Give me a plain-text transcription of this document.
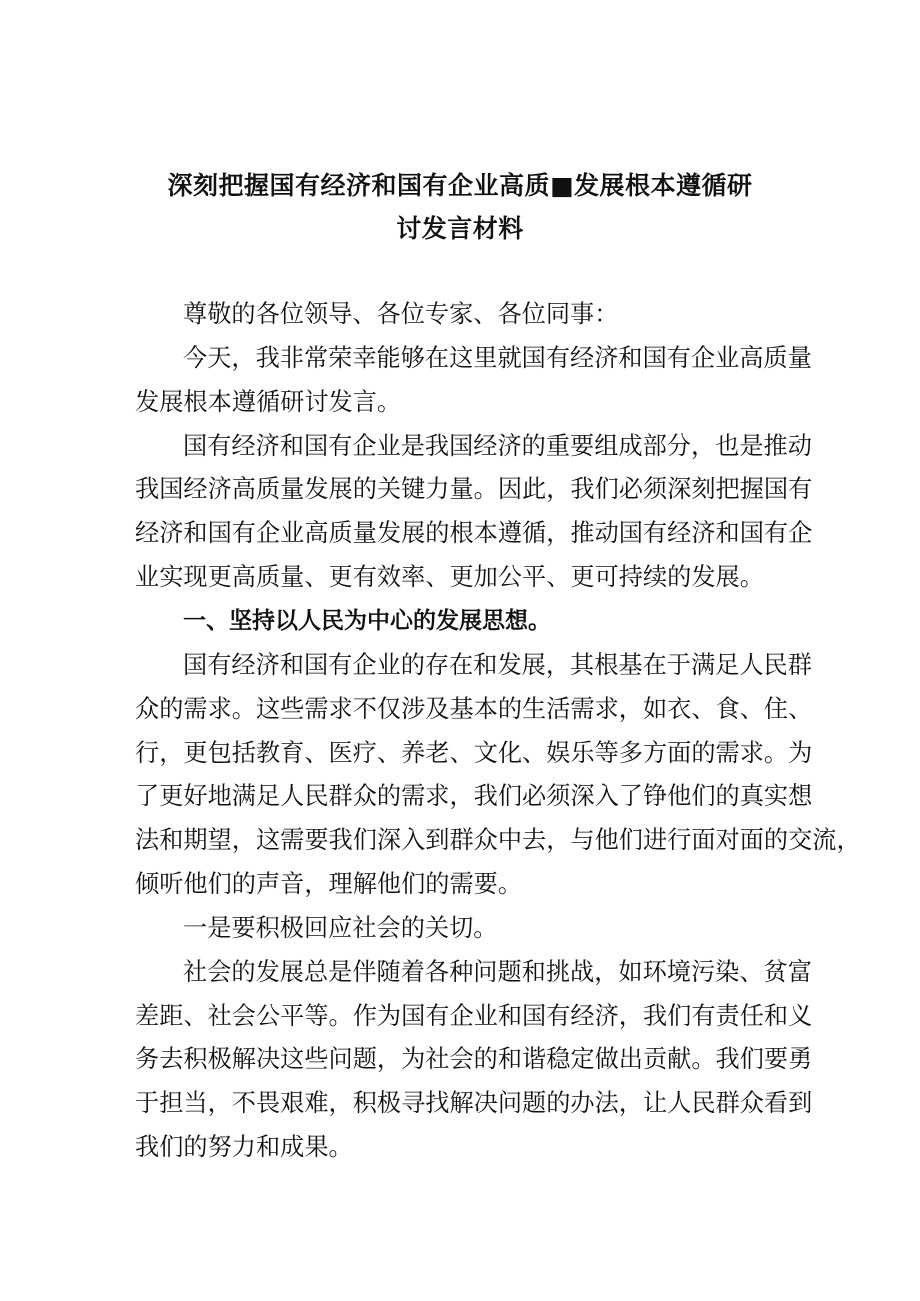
深刻把握国有经济和国有企业高质■发展根本遵循研
讨发言材料
尊敬的各位领导、各位专家、各位同事：
今天，我非常荣幸能够在这里就国有经济和国有企业高质量
发展根本遵循研讨发言。
国有经济和国有企业是我国经济的重要组成部分，也是推动
我国经济高质量发展的关键力量。因此，我们必须深刻把握国有
经济和国有企业高质量发展的根本遵循，推动国有经济和国有企
业实现更高质量、更有效率、更加公平、更可持续的发展。
一、坚持以人民为中心的发展思想。
国有经济和国有企业的存在和发展，其根基在于满足人民群
众的需求。这些需求不仅涉及基本的生活需求，如衣、食、住、
行，更包括教育、医疗、养老、文化、娱乐等多方面的需求。为
了更好地满足人民群众的需求，我们必须深入了铮他们的真实想
法和期望，这需要我们深入到群众中去，与他们进行面对面的交流，
倾听他们的声音，理解他们的需要。
一是要积极回应社会的关切。
社会的发展总是伴随着各种问题和挑战，如环境污染、贫富
差距、社会公平等。作为国有企业和国有经济，我们有责任和义
务去积极解决这些问题，为社会的和谐稳定做出贡献。我们要勇
于担当，不畏艰难，积极寻找解决问题的办法，让人民群众看到
我们的努力和成果。
